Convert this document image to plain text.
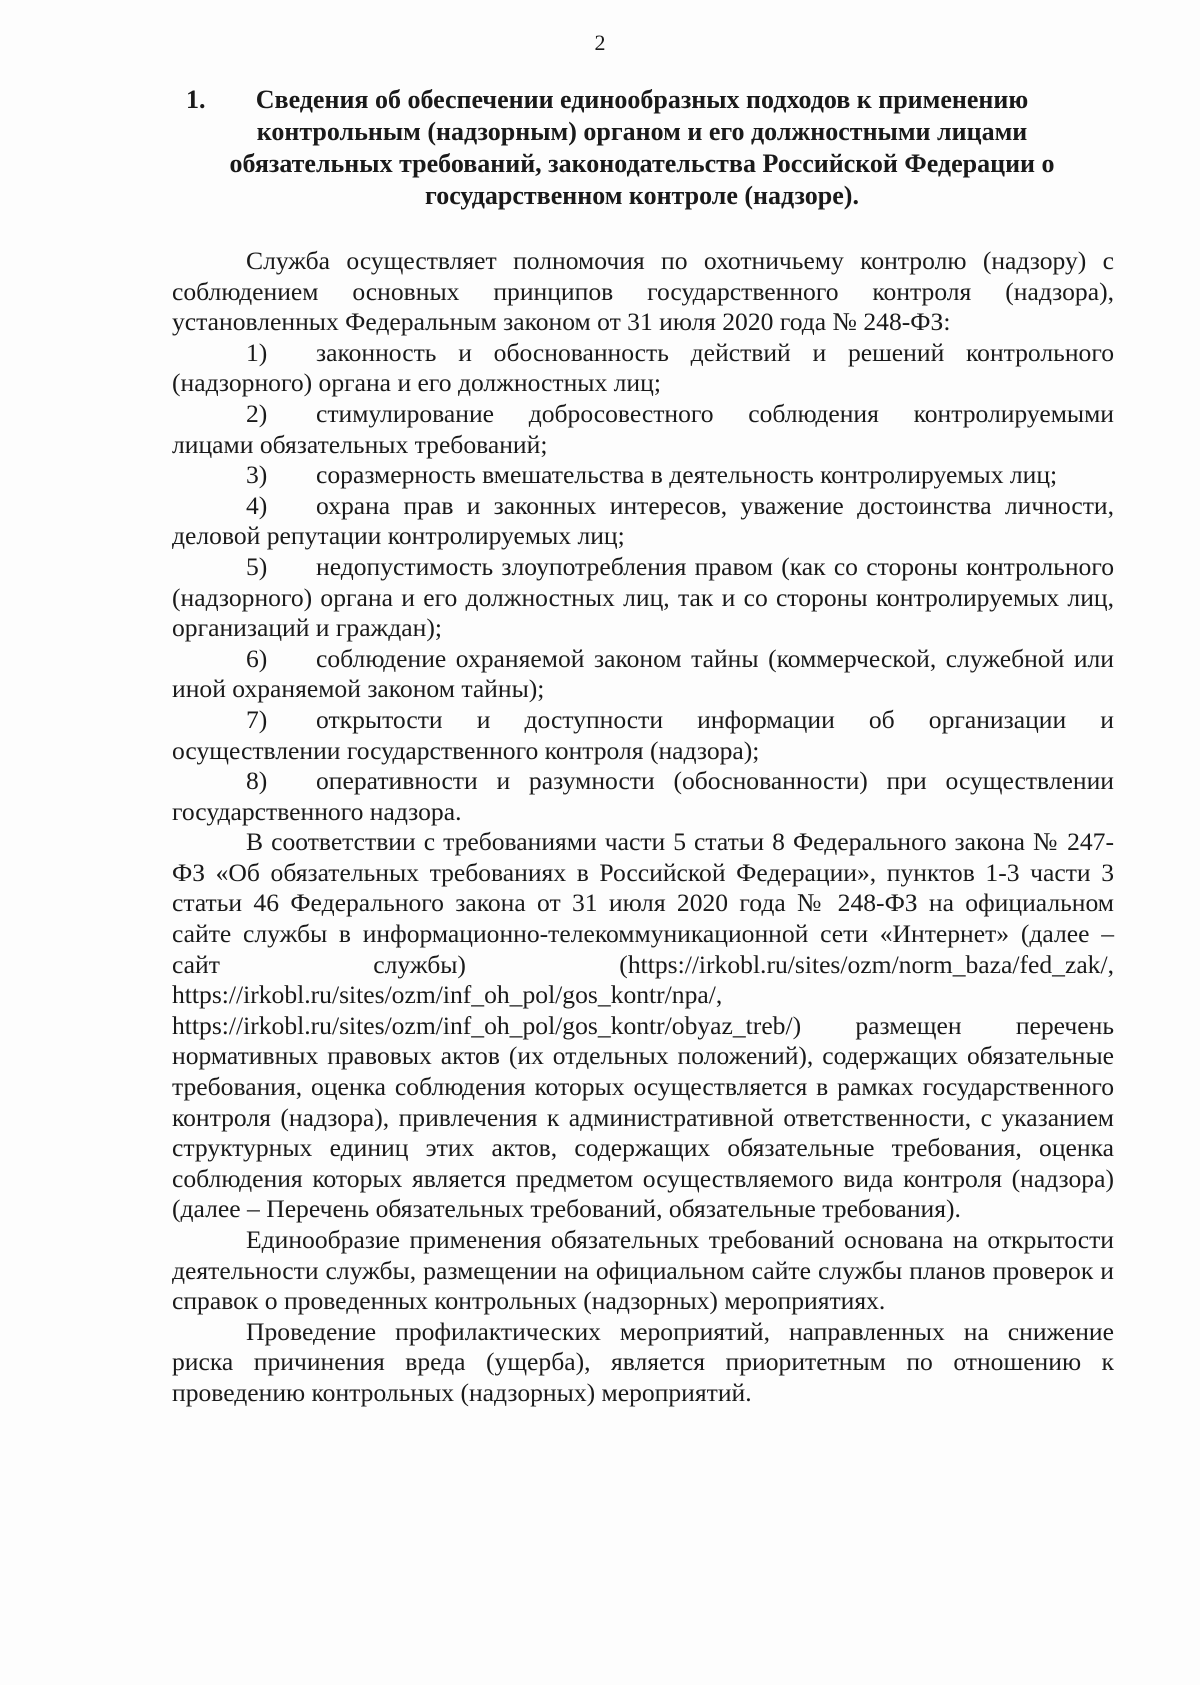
2
1.	Сведения об обеспечении единообразных подходов к применению контрольным (надзорным) органом и его должностными лицами обязательных требований, законодательства Российской Федерации о государственном контроле (надзоре).

Служба осуществляет полномочия по охотничьему контролю (надзору) с соблюдением основных принципов государственного контроля (надзора), установленных Федеральным законом от 31 июля 2020 года № 248-ФЗ:

1) законность и обоснованность действий и решений контрольного (надзорного) органа и его должностных лиц;

2) стимулирование добросовестного соблюдения контролируемыми лицами обязательных требований;

3) соразмерность вмешательства в деятельность контролируемых лиц;

4) охрана прав и законных интересов, уважение достоинства личности, деловой репутации контролируемых лиц;

5) недопустимость злоупотребления правом (как со стороны контрольного (надзорного) органа и его должностных лиц, так и со стороны контролируемых лиц, организаций и граждан);

6) соблюдение охраняемой законом тайны (коммерческой, служебной или иной охраняемой законом тайны);

7) открытости и доступности информации об организации и осуществлении государственного контроля (надзора);

8) оперативности и разумности (обоснованности) при осуществлении государственного надзора.

В соответствии с требованиями части 5 статьи 8 Федерального закона № 247-ФЗ «Об обязательных требованиях в Российской Федерации», пунктов 1-3 части 3 статьи 46 Федерального закона от 31 июля 2020 года № 248-ФЗ на официальном сайте службы в информационно-телекоммуникационной сети «Интернет» (далее – сайт службы) (https://irkobl.ru/sites/ozm/norm_baza/fed_zak/, https://irkobl.ru/sites/ozm/inf_oh_pol/gos_kontr/npa/, https://irkobl.ru/sites/ozm/inf_oh_pol/gos_kontr/obyaz_treb/) размещен перечень нормативных правовых актов (их отдельных положений), содержащих обязательные требования, оценка соблюдения которых осуществляется в рамках государственного контроля (надзора), привлечения к административной ответственности, с указанием структурных единиц этих актов, содержащих обязательные требования, оценка соблюдения которых является предметом осуществляемого вида контроля (надзора) (далее – Перечень обязательных требований, обязательные требования).

Единообразие применения обязательных требований основана на открытости деятельности службы, размещении на официальном сайте службы планов проверок и справок о проведенных контрольных (надзорных) мероприятиях.

Проведение профилактических мероприятий, направленных на снижение риска причинения вреда (ущерба), является приоритетным по отношению к проведению контрольных (надзорных) мероприятий.
